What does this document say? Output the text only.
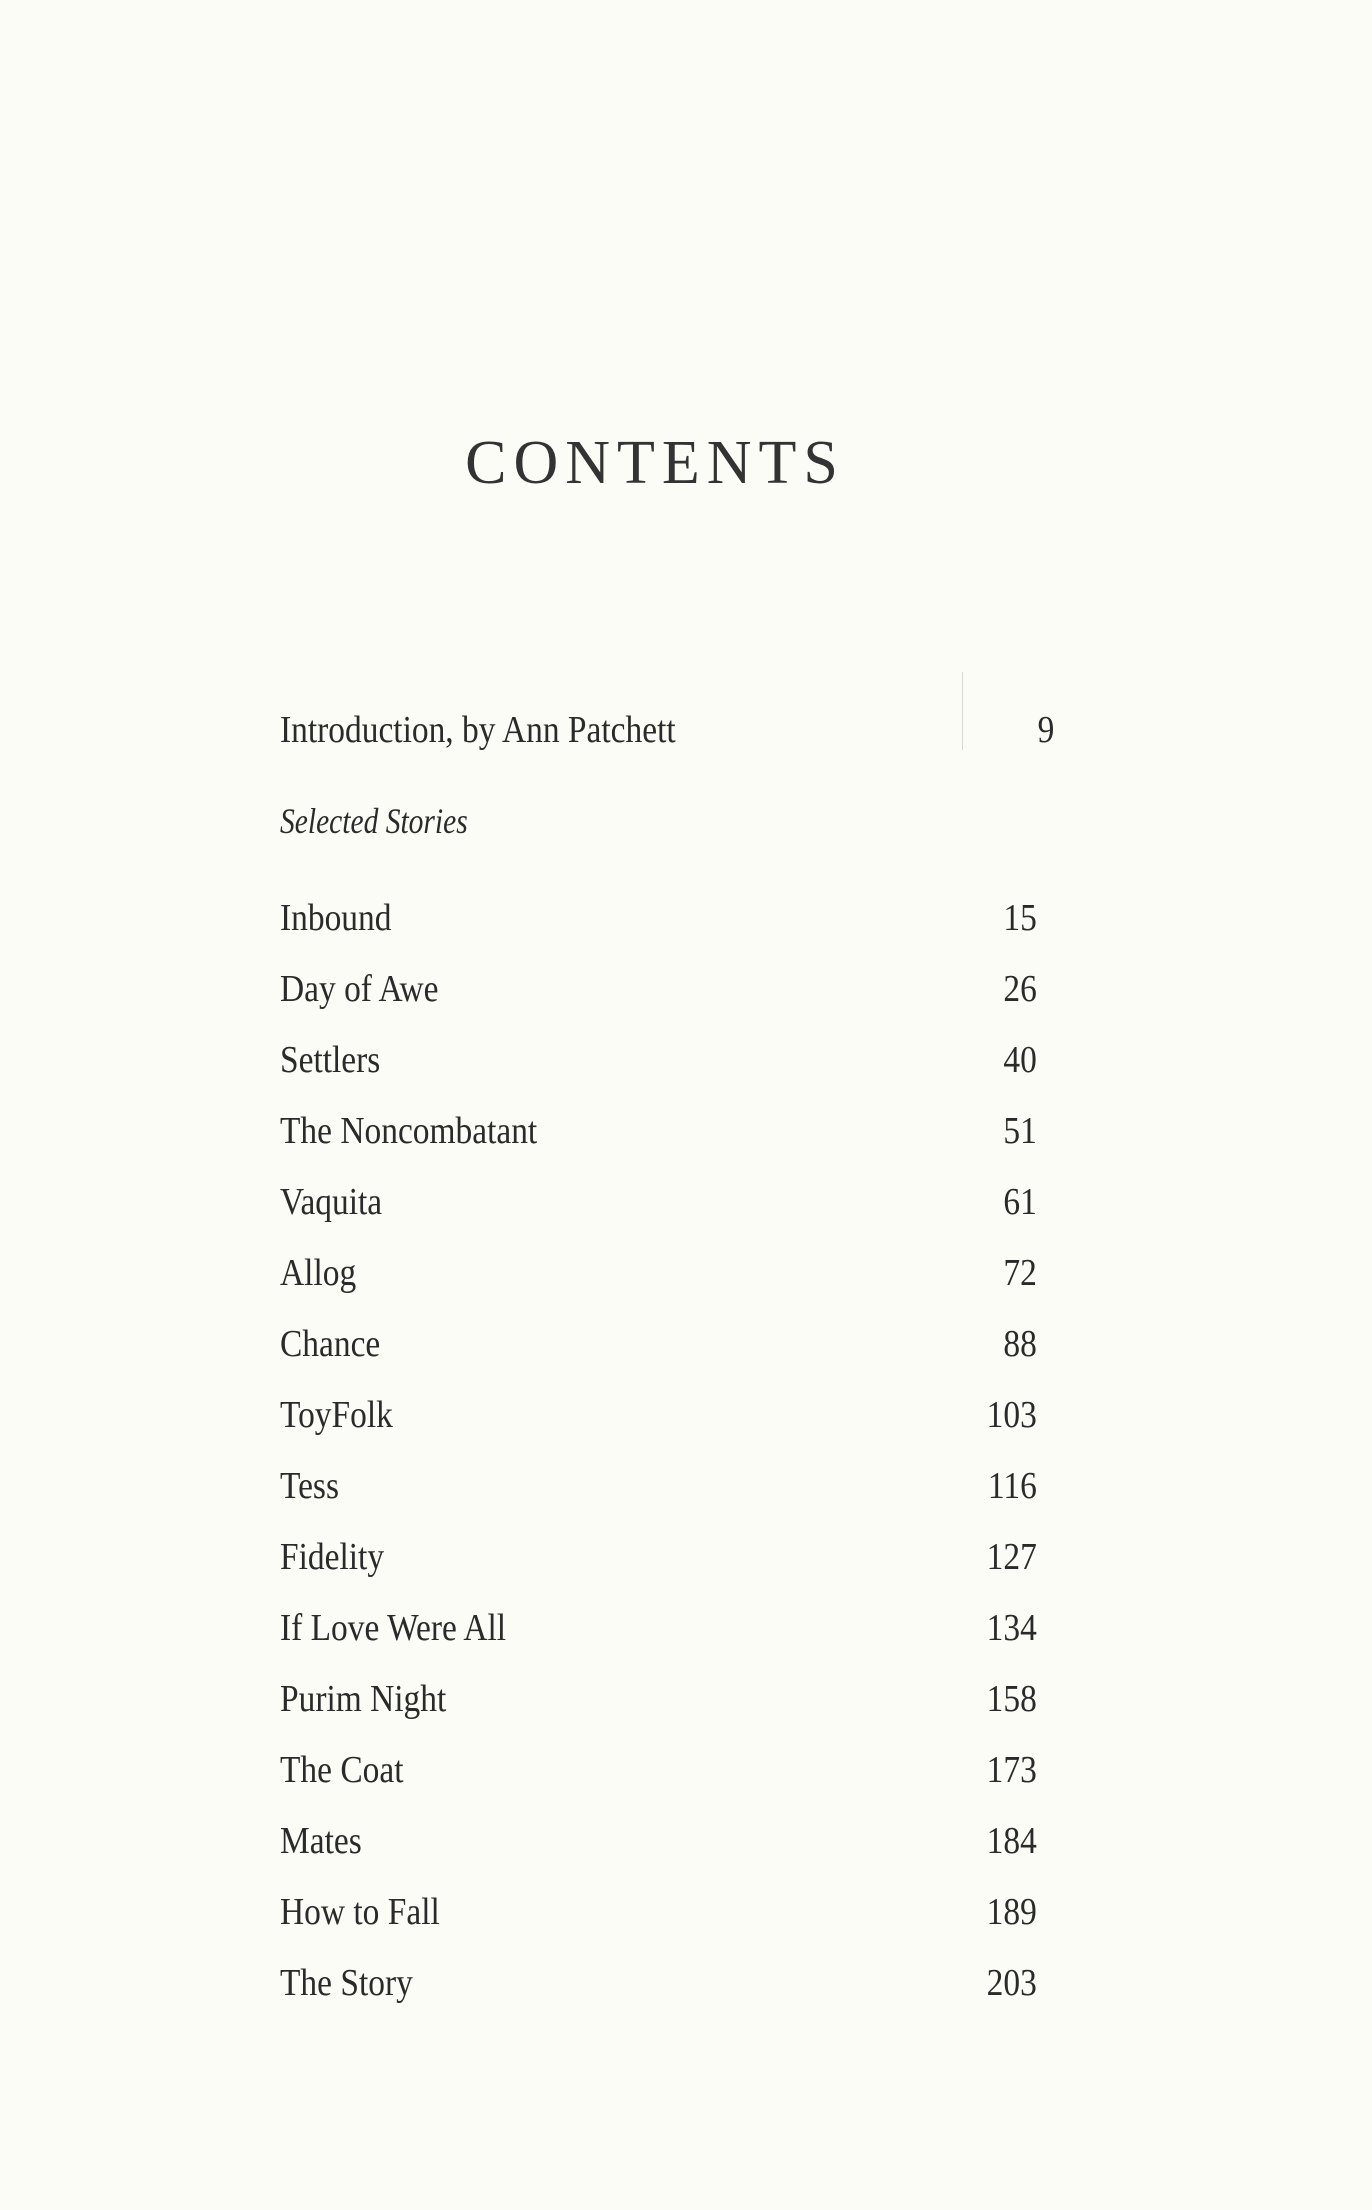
CONTENTS
Introduction, by Ann Patchett	9
Selected Stories
Inbound	15
Day of Awe	26
Settlers	40
The Noncombatant	51
Vaquita	61
Allog	72
Chance	88
ToyFolk	103
Tess	116
Fidelity	127
If Love Were All	134
Purim Night	158
The Coat	173
Mates	184
How to Fall	189
The Story	203
